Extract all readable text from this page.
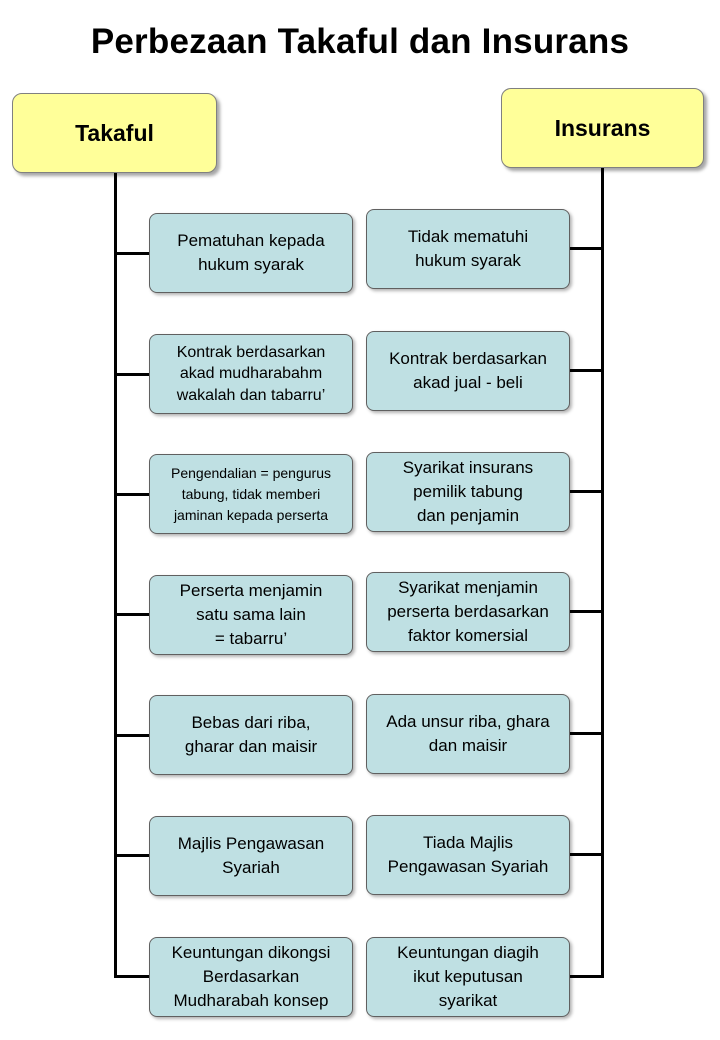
Perbezaan Takaful dan Insurans
Takaful	Insurans
Pematuhan kepada
hukum syarak
Kontrak berdasarkan
akad mudharabahm
wakalah dan tabarru’
Pengendalian = pengurus
tabung, tidak memberi
jaminan kepada perserta
Perserta menjamin
satu sama lain
= tabarru’
Bebas dari riba,
gharar dan maisir
Majlis Pengawasan
Syariah
Keuntungan dikongsi
Berdasarkan
Mudharabah konsep
Tidak mematuhi
hukum syarak
Kontrak berdasarkan
akad jual - beli
Syarikat insurans
pemilik tabung
dan penjamin
Syarikat menjamin
perserta berdasarkan
faktor komersial
Ada unsur riba, ghara
dan maisir
Tiada Majlis
Pengawasan Syariah
Keuntungan diagih
ikut keputusan
syarikat
